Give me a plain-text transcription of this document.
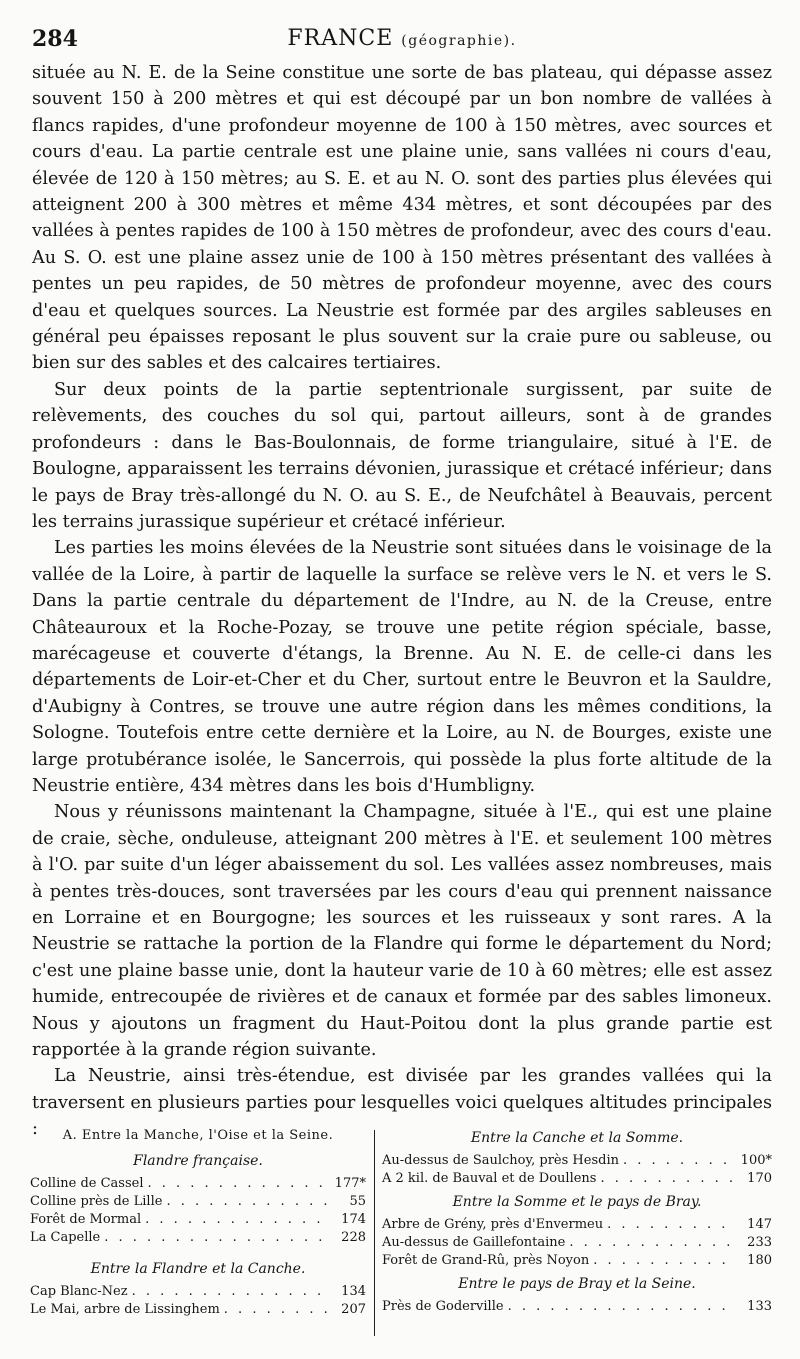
284	FRANCE (géographie).

située au N. E. de la Seine constitue une sorte de bas plateau, qui dépasse assez souvent 150 à 200 mètres et qui est découpé par un bon nombre de vallées à flancs rapides, d'une profondeur moyenne de 100 à 150 mètres, avec sources et cours d'eau. La partie centrale est une plaine unie, sans vallées ni cours d'eau, élevée de 120 à 150 mètres; au S. E. et au N. O. sont des parties plus élevées qui atteignent 200 à 300 mètres et même 434 mètres, et sont découpées par des vallées à pentes rapides de 100 à 150 mètres de profondeur, avec des cours d'eau. Au S. O. est une plaine assez unie de 100 à 150 mètres présentant des vallées à pentes un peu rapides, de 50 mètres de profondeur moyenne, avec des cours d'eau et quelques sources. La Neustrie est formée par des argiles sableuses en général peu épaisses reposant le plus souvent sur la craie pure ou sableuse, ou bien sur des sables et des calcaires tertiaires.

Sur deux points de la partie septentrionale surgissent, par suite de relèvements, des couches du sol qui, partout ailleurs, sont à de grandes profondeurs : dans le Bas-Boulonnais, de forme triangulaire, situé à l'E. de Boulogne, apparaissent les terrains dévonien, jurassique et crétacé inférieur; dans le pays de Bray très-allongé du N. O. au S. E., de Neufchâtel à Beauvais, percent les terrains jurassique supérieur et crétacé inférieur.

Les parties les moins élevées de la Neustrie sont situées dans le voisinage de la vallée de la Loire, à partir de laquelle la surface se relève vers le N. et vers le S. Dans la partie centrale du département de l'Indre, au N. de la Creuse, entre Châteauroux et la Roche-Pozay, se trouve une petite région spéciale, basse, marécageuse et couverte d'étangs, la Brenne. Au N. E. de celle-ci dans les départements de Loir-et-Cher et du Cher, surtout entre le Beuvron et la Sauldre, d'Aubigny à Contres, se trouve une autre région dans les mêmes conditions, la Sologne. Toutefois entre cette dernière et la Loire, au N. de Bourges, existe une large protubérance isolée, le Sancerrois, qui possède la plus forte altitude de la Neustrie entière, 434 mètres dans les bois d'Humbligny.

Nous y réunissons maintenant la Champagne, située à l'E., qui est une plaine de craie, sèche, onduleuse, atteignant 200 mètres à l'E. et seulement 100 mètres à l'O. par suite d'un léger abaissement du sol. Les vallées assez nombreuses, mais à pentes très-douces, sont traversées par les cours d'eau qui prennent naissance en Lorraine et en Bourgogne; les sources et les ruisseaux y sont rares. A la Neustrie se rattache la portion de la Flandre qui forme le département du Nord; c'est une plaine basse unie, dont la hauteur varie de 10 à 60 mètres; elle est assez humide, entrecoupée de rivières et de canaux et formée par des sables limoneux. Nous y ajoutons un fragment du Haut-Poitou dont la plus grande partie est rapportée à la grande région suivante.

La Neustrie, ainsi très-étendue, est divisée par les grandes vallées qui la traversent en plusieurs parties pour lesquelles voici quelques altitudes principales :	A. Entre la Manche, l'Oise et la Seine.
Flandre française.
Colline de Cassel . . .	177*
Colline près de Lille . . .	55
Forêt de Mormal . . .	174
La Capelle . . .	228
Entre la Flandre et la Canche.
Cap Blanc-Nez . . .	134
Le Mai, arbre de Lissinghem . . .	207
Entre la Canche et la Somme.
Au-dessus de Saulchoy, près Hesdin . . .	100*
A 2 kil. de Bauval et de Doullens . . .	170
Entre la Somme et le pays de Bray.
Arbre de Grény, près d'Envermeu . . .	147
Au-dessus de Gaillefontaine . . .	233
Forêt de Grand-Rû, près Noyon . . .	180
Entre le pays de Bray et la Seine.
Près de Goderville . . .	133
